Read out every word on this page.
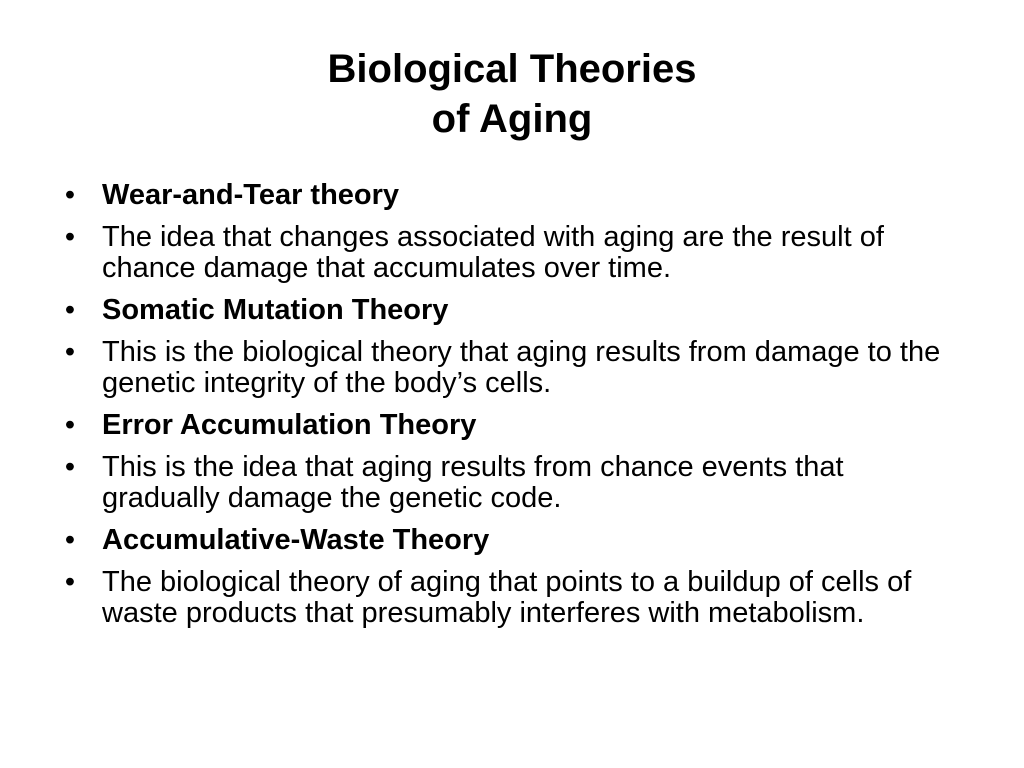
Biological Theories
of Aging
• Wear-and-Tear theory
• The idea that changes associated with aging are the result of chance damage that accumulates over time.
• Somatic Mutation Theory
• This is the biological theory that aging results from damage to the genetic integrity of the body’s cells.
• Error Accumulation Theory
• This is the idea that aging results from chance events that gradually damage the genetic code.
• Accumulative-Waste Theory
• The biological theory of aging that points to a buildup of cells of waste products that presumably interferes with metabolism.
